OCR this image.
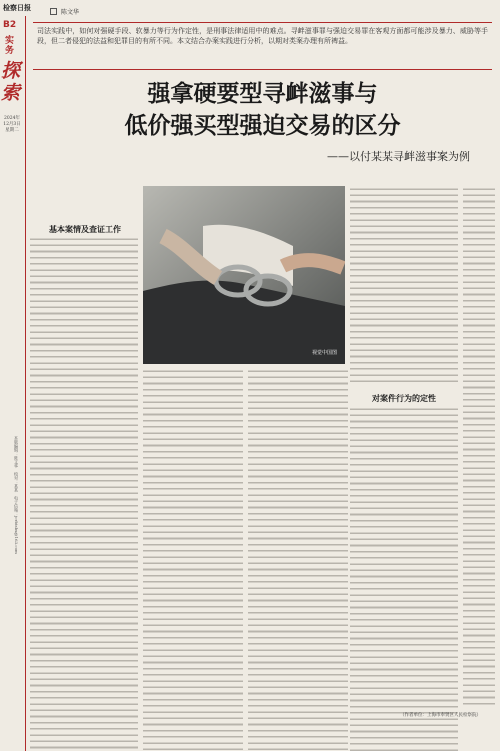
检察日报
陈文华
B2
实务
探索
2024年
12月3日
星期二
本版编辑：陈文华　校对：某某　电子信箱：jcrbtsbx@163.com
司法实践中，如何对强硬手段、软暴力等行为作定性，是刑事法律适用中的难点。寻衅滋事罪与强迫交易罪在客观方面都可能涉及暴力、威胁等手段，但二者侵犯的法益和犯罪目的有所不同。本文结合办案实践进行分析，以期对类案办理有所裨益。
强拿硬要型寻衅滋事与
低价强买型强迫交易的区分
——以付某某寻衅滋事案为例
基本案情及查证工作
视觉中国图
对案件行为的定性
（作者单位：上海市奉贤区人民检察院）
